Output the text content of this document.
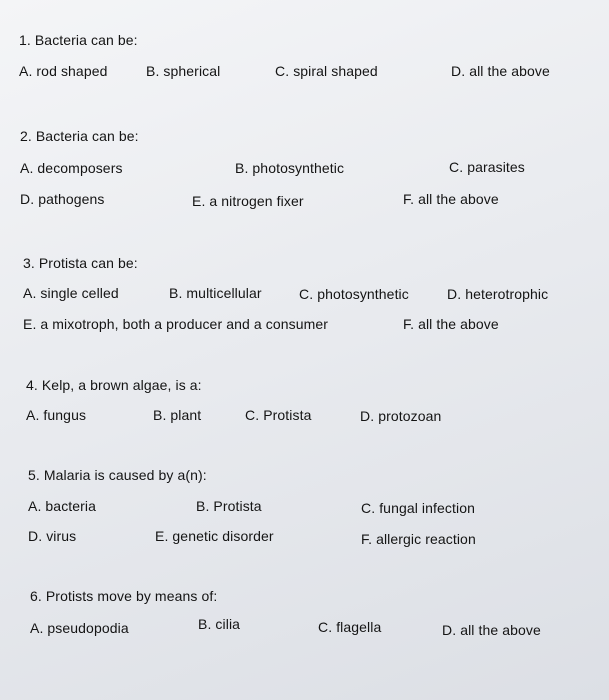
1. Bacteria can be:
A. rod shaped	B. spherical	C. spiral shaped	D. all the above
2. Bacteria can be:
A. decomposers	B. photosynthetic	C. parasites
D. pathogens	E. a nitrogen fixer	F. all the above
3. Protista can be:
A. single celled	B. multicellular	C. photosynthetic	D. heterotrophic
E. a mixotroph, both a producer and a consumer	F. all the above
4. Kelp, a brown algae, is a:
A. fungus	B. plant	C. Protista	D. protozoan
5. Malaria is caused by a(n):
A. bacteria	B. Protista	C. fungal infection
D. virus	E. genetic disorder	F. allergic reaction
6. Protists move by means of:
A. pseudopodia	B. cilia	C. flagella	D. all the above
